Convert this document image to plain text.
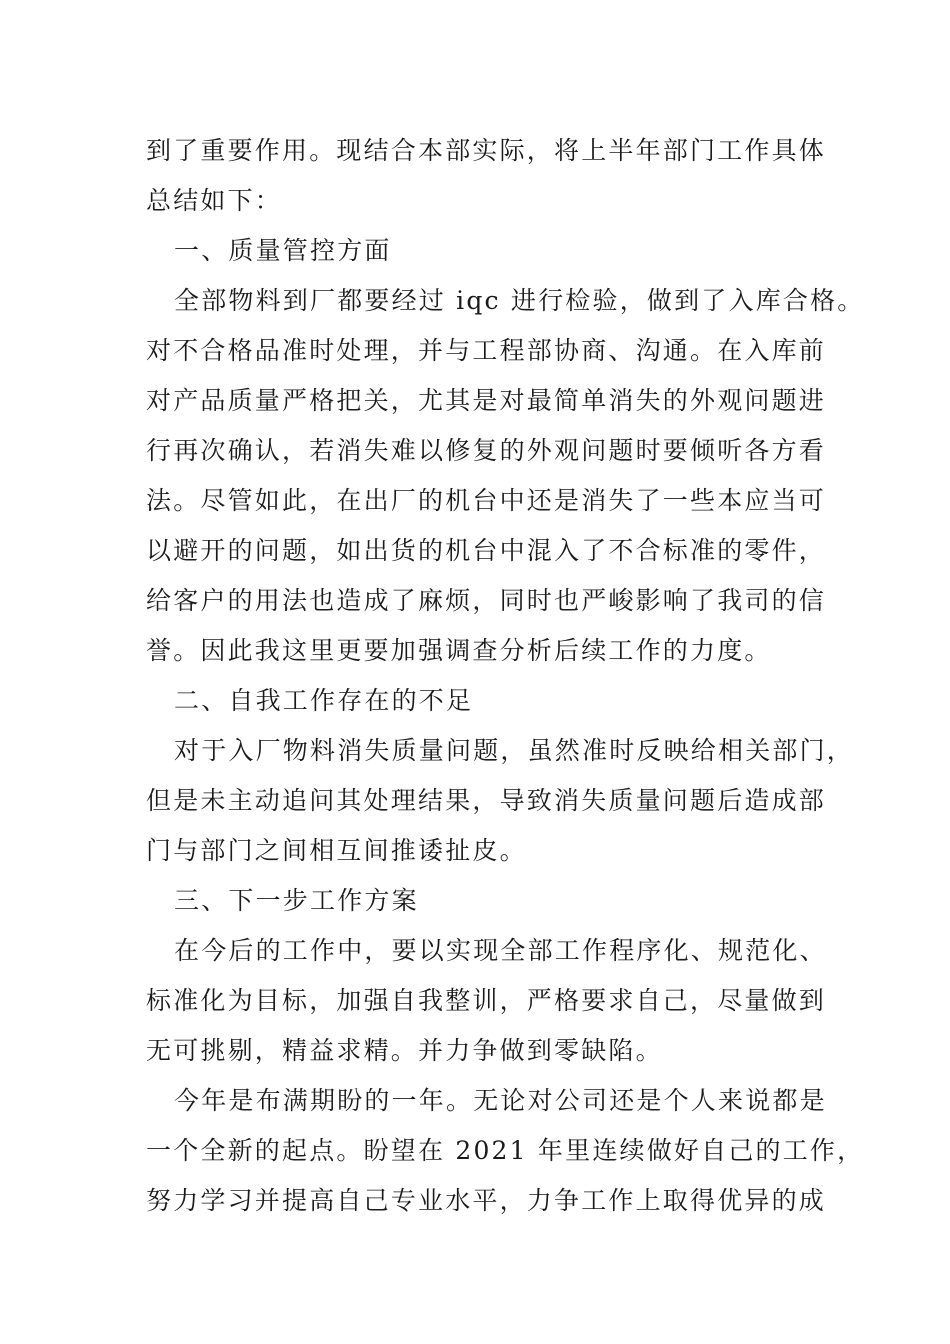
到了重要作用。现结合本部实际，将上半年部门工作具体
总结如下：
一、质量管控方面
全部物料到厂都要经过 iqc 进行检验，做到了入库合格。
对不合格品准时处理，并与工程部协商、沟通。在入库前
对产品质量严格把关，尤其是对最简单消失的外观问题进
行再次确认，若消失难以修复的外观问题时要倾听各方看
法。尽管如此，在出厂的机台中还是消失了一些本应当可
以避开的问题，如出货的机台中混入了不合标准的零件，
给客户的用法也造成了麻烦，同时也严峻影响了我司的信
誉。因此我这里更要加强调查分析后续工作的力度。
二、自我工作存在的不足
对于入厂物料消失质量问题，虽然准时反映给相关部门，
但是未主动追问其处理结果，导致消失质量问题后造成部
门与部门之间相互间推诿扯皮。
三、下一步工作方案
在今后的工作中，要以实现全部工作程序化、规范化、
标准化为目标，加强自我整训，严格要求自己，尽量做到
无可挑剔，精益求精。并力争做到零缺陷。
今年是布满期盼的一年。无论对公司还是个人来说都是
一个全新的起点。盼望在 2021 年里连续做好自己的工作，
努力学习并提高自己专业水平，力争工作上取得优异的成
